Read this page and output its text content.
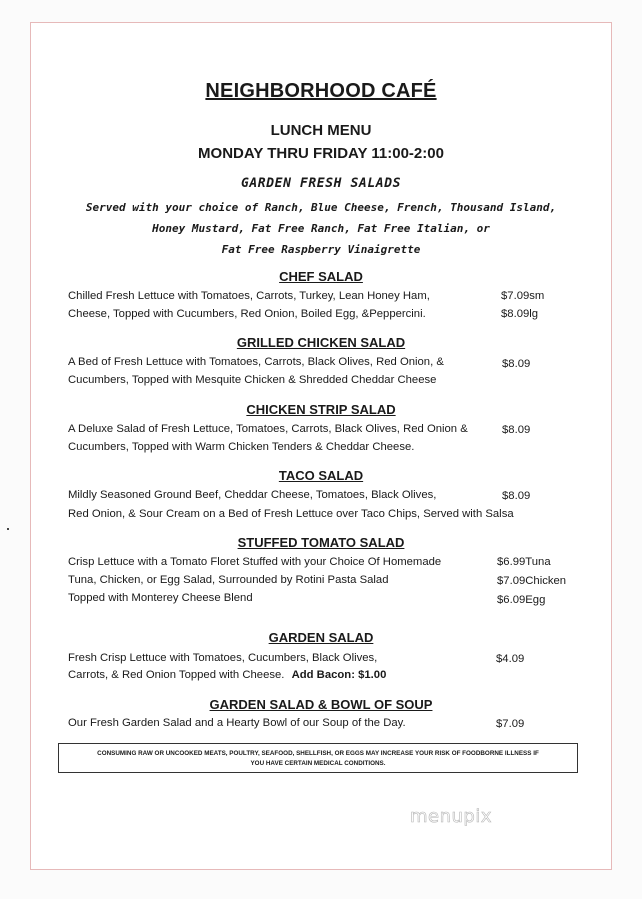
NEIGHBORHOOD CAFÉ
LUNCH MENU
MONDAY THRU FRIDAY 11:00-2:00
GARDEN FRESH SALADS
Served with your choice of Ranch, Blue Cheese, French, Thousand Island,
Honey Mustard, Fat Free Ranch, Fat Free Italian, or
Fat Free Raspberry Vinaigrette
CHEF SALAD
Chilled Fresh Lettuce with Tomatoes, Carrots, Turkey, Lean Honey Ham,
Cheese, Topped with Cucumbers, Red Onion, Boiled Egg, &Peppercini.
$7.09sm
$8.09lg
GRILLED CHICKEN SALAD
A Bed of Fresh Lettuce with Tomatoes, Carrots, Black Olives, Red Onion, &
Cucumbers, Topped with Mesquite Chicken & Shredded Cheddar Cheese
$8.09
CHICKEN STRIP SALAD
A Deluxe Salad of Fresh Lettuce, Tomatoes, Carrots, Black Olives, Red Onion &
Cucumbers, Topped with Warm Chicken Tenders & Cheddar Cheese.
$8.09
TACO SALAD
Mildly Seasoned Ground Beef, Cheddar Cheese, Tomatoes, Black Olives,
Red Onion, & Sour Cream on a Bed of Fresh Lettuce over Taco Chips, Served with Salsa
$8.09
STUFFED TOMATO SALAD
Crisp Lettuce with a Tomato Floret Stuffed with your Choice Of Homemade
Tuna, Chicken, or Egg Salad, Surrounded by Rotini Pasta Salad
Topped with Monterey Cheese Blend
$6.99Tuna
$7.09Chicken
$6.09Egg
GARDEN SALAD
Fresh Crisp Lettuce with Tomatoes, Cucumbers, Black Olives,
Carrots, & Red Onion Topped with Cheese. Add Bacon: $1.00
$4.09
GARDEN SALAD & BOWL OF SOUP
Our Fresh Garden Salad and a Hearty Bowl of our Soup of the Day.	$7.09
CONSUMING RAW OR UNCOOKED MEATS, POULTRY, SEAFOOD, SHELLFISH, OR EGGS MAY INCREASE YOUR RISK OF FOODBORNE ILLNESS IF
YOU HAVE CERTAIN MEDICAL CONDITIONS.
menupix
